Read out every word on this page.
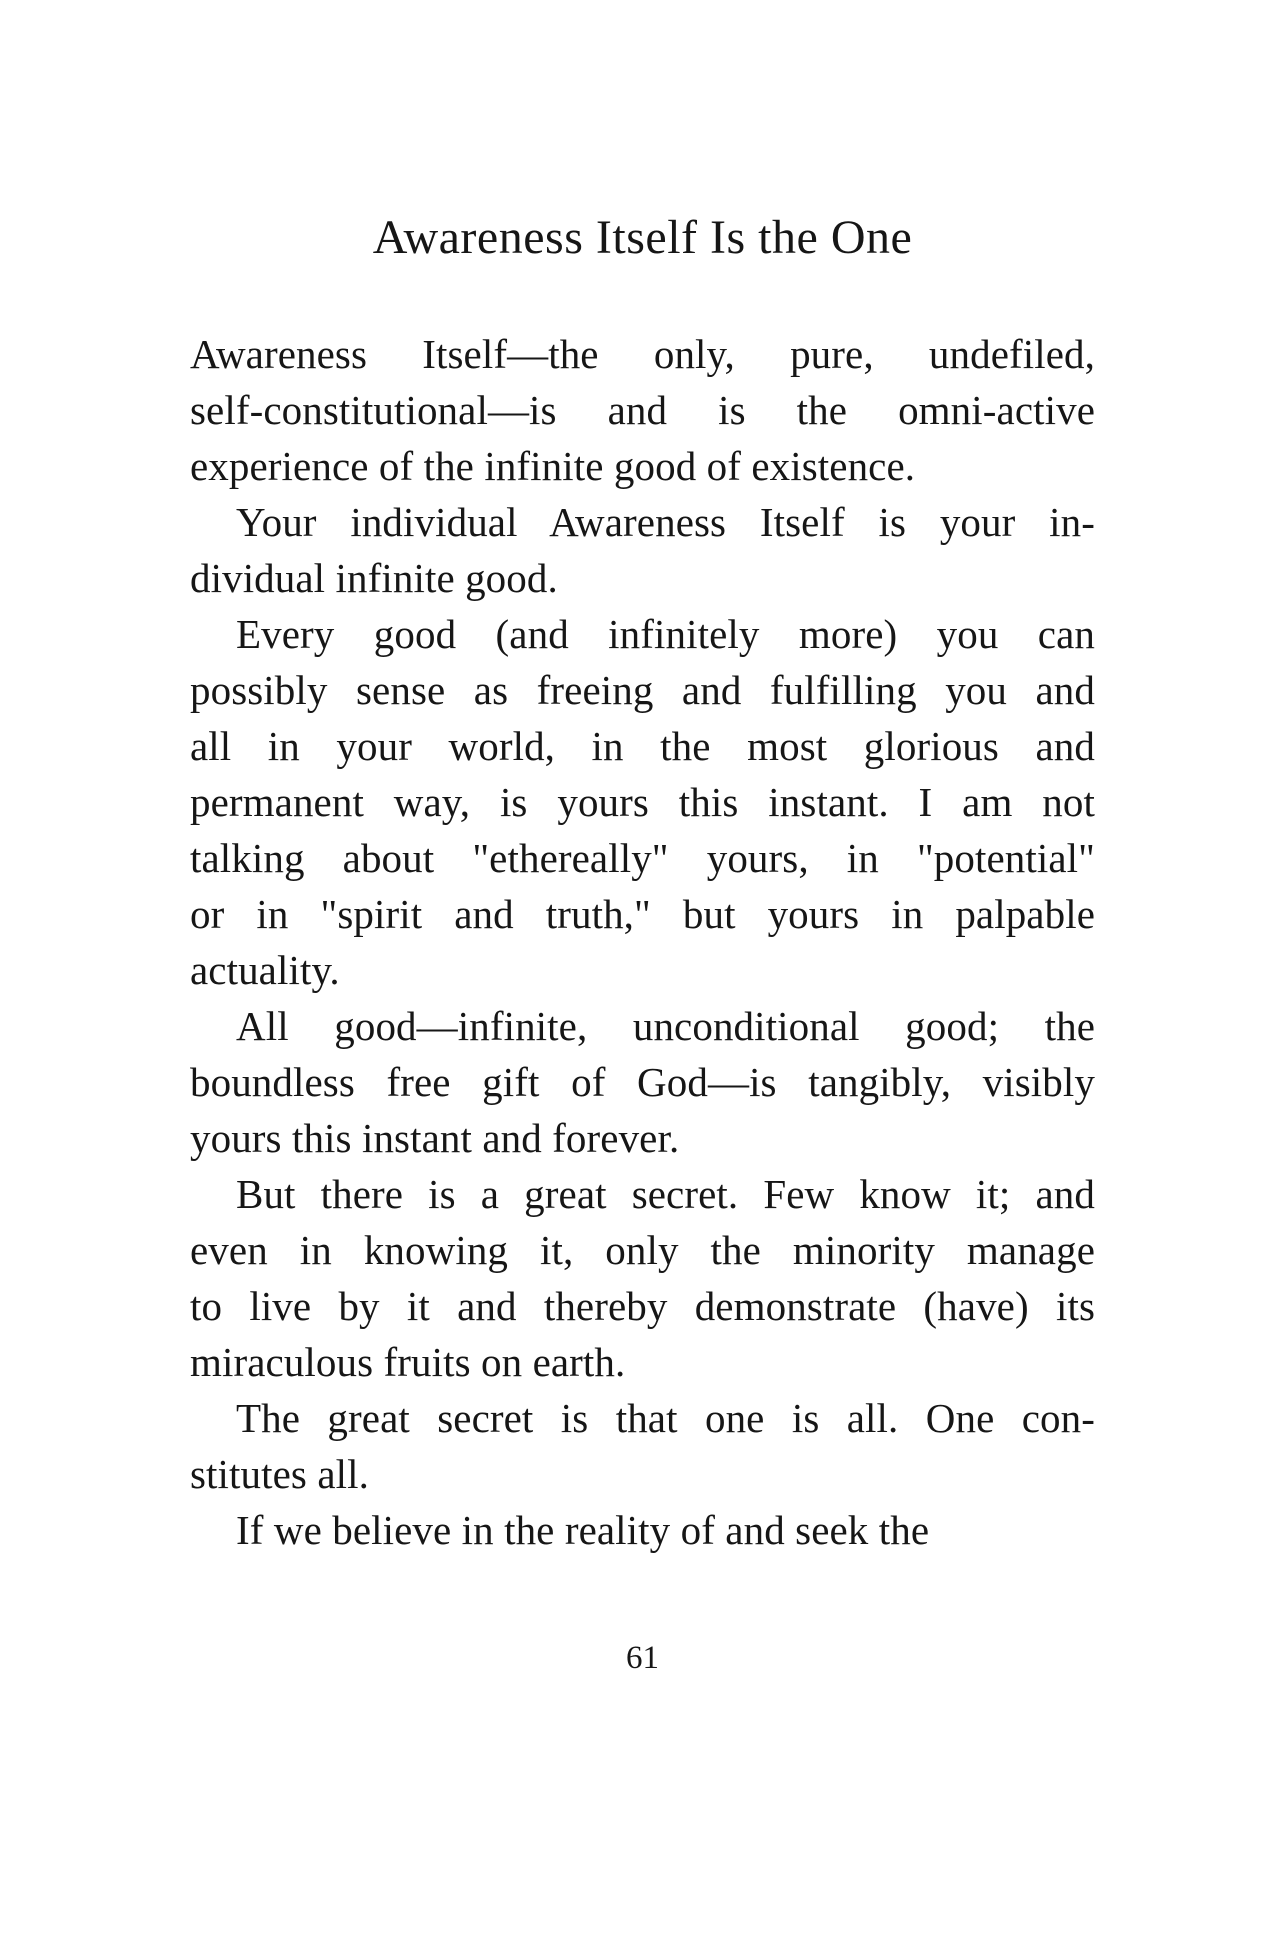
Awareness Itself Is the One
Awareness Itself—the only, pure, undefiled,
self-constitutional—is and is the omni-active
experience of the infinite good of existence.
Your individual Awareness Itself is your in-
dividual infinite good.
Every good (and infinitely more) you can
possibly sense as freeing and fulfilling you and
all in your world, in the most glorious and
permanent way, is yours this instant. I am not
talking about "ethereally" yours, in "potential"
or in "spirit and truth," but yours in palpable
actuality.
All good—infinite, unconditional good; the
boundless free gift of God—is tangibly, visibly
yours this instant and forever.
But there is a great secret. Few know it; and
even in knowing it, only the minority manage
to live by it and thereby demonstrate (have) its
miraculous fruits on earth.
The great secret is that one is all. One con-
stitutes all.
If we believe in the reality of and seek the
61
